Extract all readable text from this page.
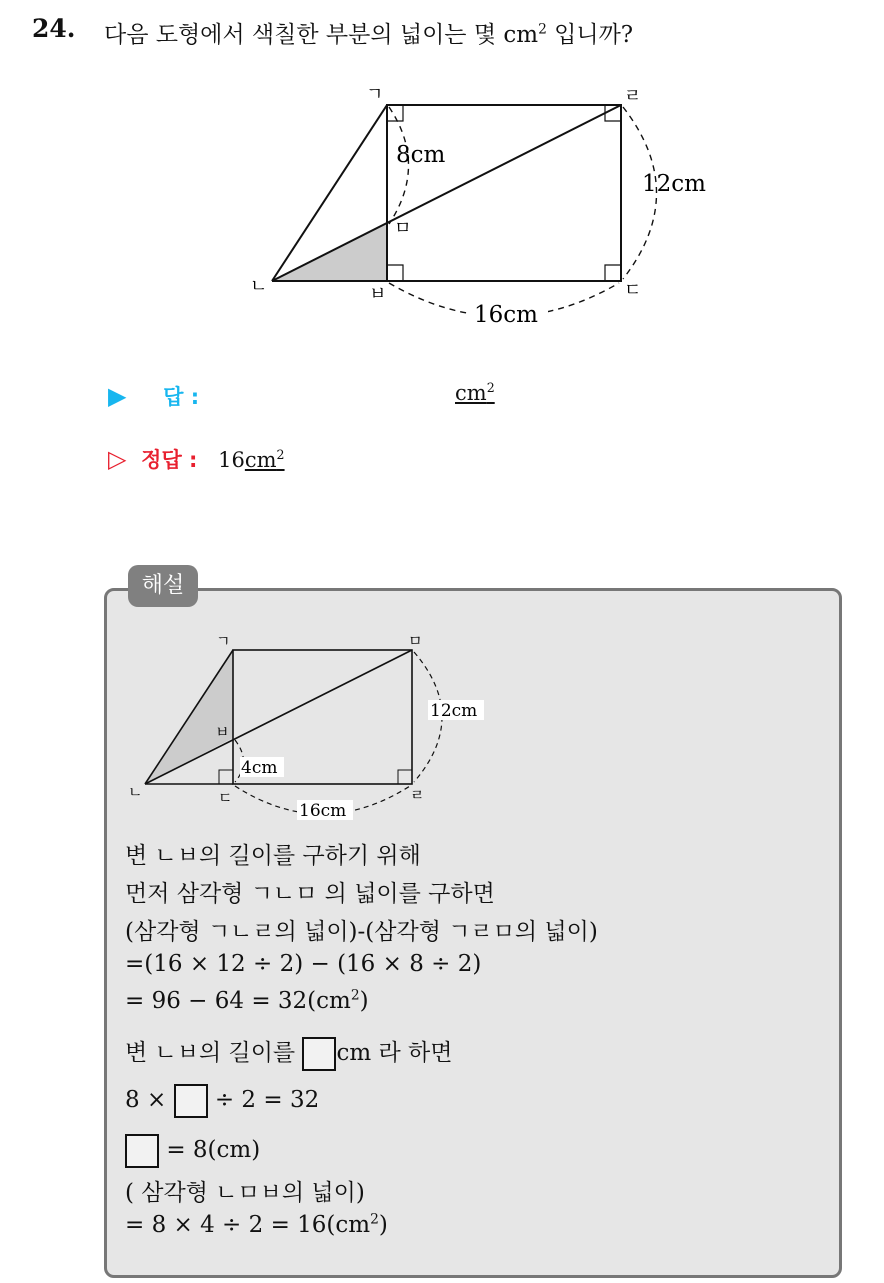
24. 다음 도형에서 색칠한 부분의 넓이는 몇 $cm^2$ 입니까?
ㄱ	ㄹ
ㄴ	ㅂ	ㄷ
ㅁ
8cm
12cm
16cm
▶ 답 :	$cm^2$
▷ 정답 : $16cm^2$
해설
ㄱ	ㅁ
ㄴ
ㅂ
ㄷ	ㄹ
12cm
4cm
16cm
변 ㄴㅂ의 길이를 구하기 위해
먼저 삼각형 ㄱㄴㅁ 의 넓이를 구하면
(삼각형 ㄱㄴㄹ의 넓이)-(삼각형 ㄱㄹㅁ의 넓이)
=(16 × 12 ÷ 2) − (16 × 8 ÷ 2)
= $96 - 64 = 32(cm^2)$
변 ㄴㅂ의 길이를 cm 라 하면
8 × ÷ 2 = 32
= 8(cm)
( 삼각형 ㄴㅁㅂ의 넓이)
= $8 \times 4 \div 2 = 16(cm^2)$
